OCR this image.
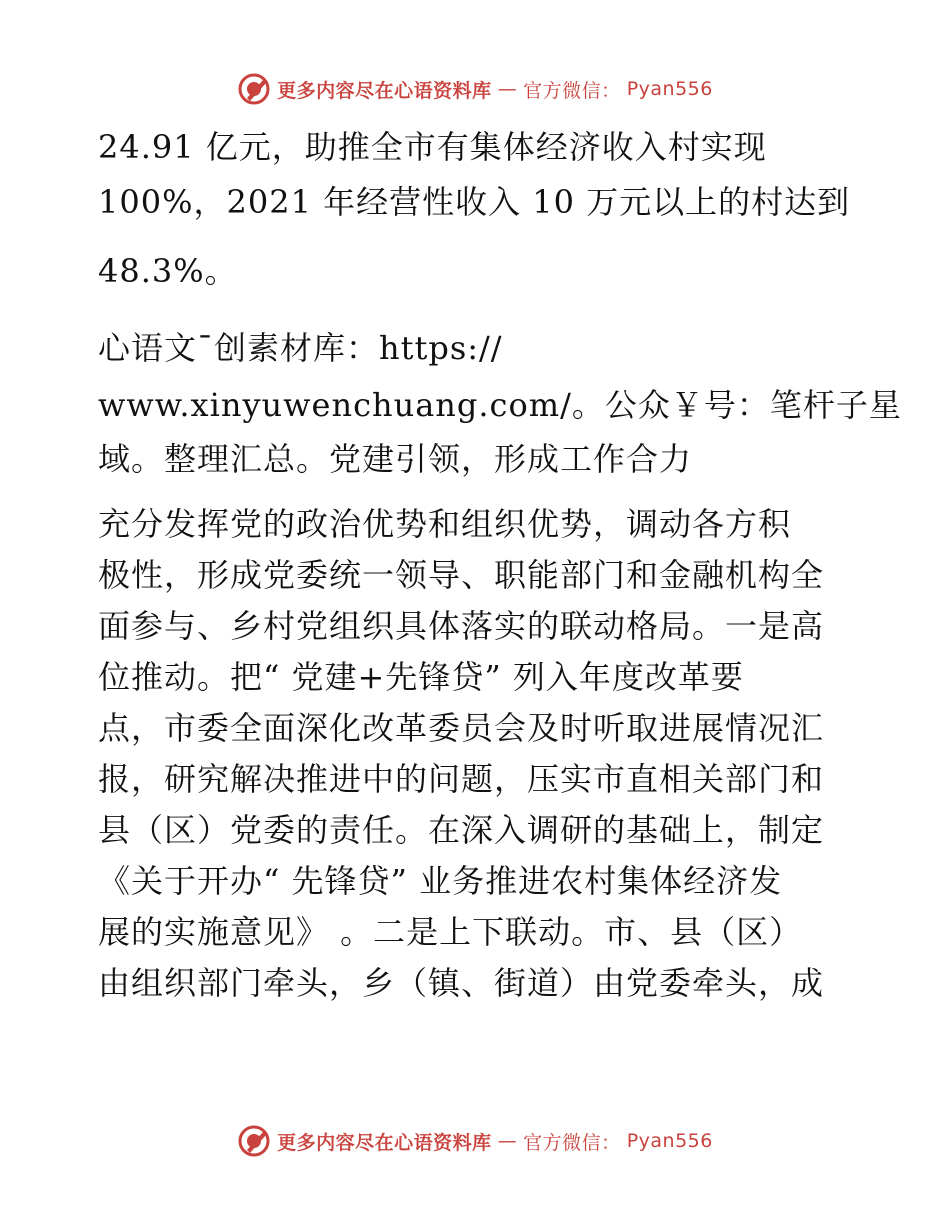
更多内容尽在心语资料库 — 官方微信： Pyan556
24.91 亿元，助推全市有集体经济收入村实现
100%，2021 年经营性收入 10 万元以上的村达到
48.3%。
心语文¯创素材库：https://
www.xinyuwenchuang.com/。公众￥号：笔杆子星
域。整理汇总。党建引领，形成工作合力
充分发挥党的政治优势和组织优势，调动各方积
极性，形成党委统一领导、职能部门和金融机构全
面参与、乡村党组织具体落实的联动格局。一是高
位推动。把“ 党建+先锋贷” 列入年度改革要
点，市委全面深化改革委员会及时听取进展情况汇
报，研究解决推进中的问题，压实市直相关部门和
县（区）党委的责任。在深入调研的基础上，制定
《关于开办“ 先锋贷” 业务推进农村集体经济发
展的实施意见》 。二是上下联动。市、县（区）
由组织部门牵头，乡（镇、街道）由党委牵头，成
更多内容尽在心语资料库 — 官方微信： Pyan556
